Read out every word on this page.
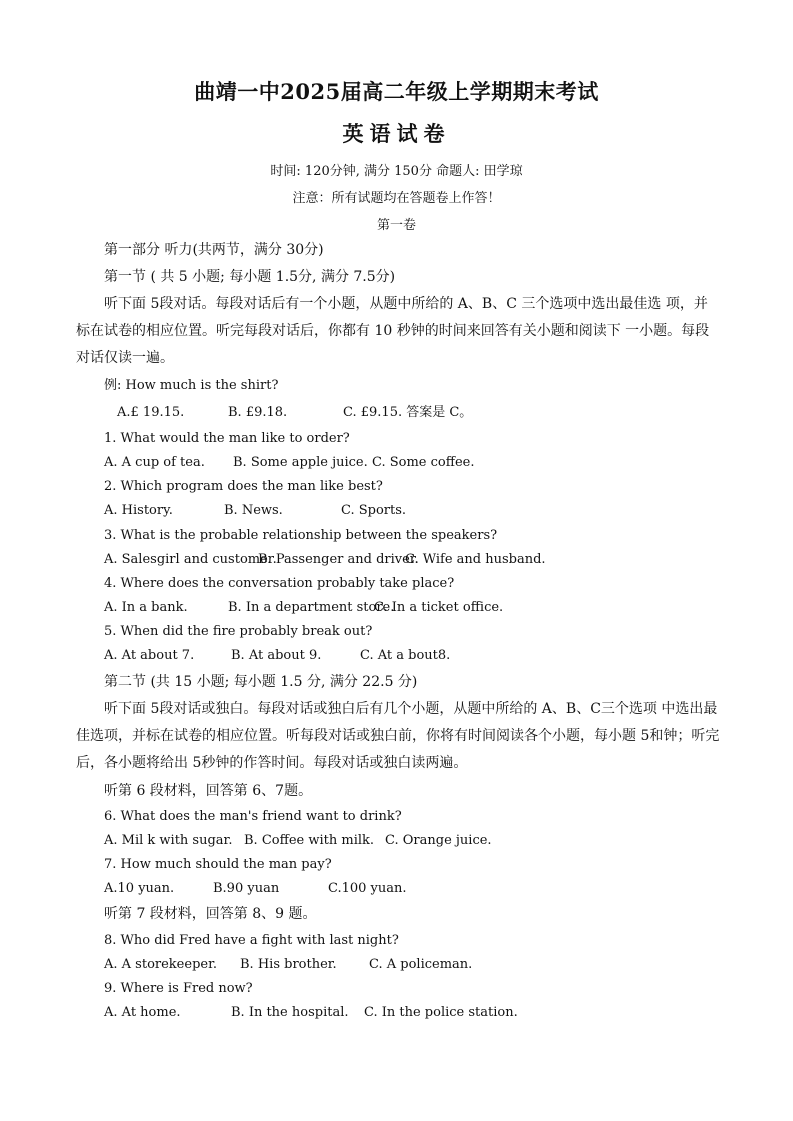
曲靖一中2025届高二年级上学期期末考试
英语试卷
时间: 120分钟, 满分 150分 命题人: 田学琼
注意：所有试题均在答题卷上作答！
第一卷
第一部分 听力(共两节，满分 30分)
第一节 ( 共 5 小题; 每小题 1.5分, 满分 7.5分)
听下面 5段对话。每段对话后有一个小题，从题中所给的 A、B、C 三个选项中选出最佳选 项，并标在试卷的相应位置。听完每段对话后，你都有 10 秒钟的时间来回答有关小题和阅读下 一小题。每段对话仅读一遍。
例: How much is the shirt?
A.£ 19.15.	B. £9.18.	C. £9.15. 答案是 C。
1. What would the man like to order?
A. A cup of tea. B. Some apple juice. C. Some coffee.
2. Which program does the man like best?
A. History.	B. News.	C. Sports.
3. What is the probable relationship between the speakers?
A. Salesgirl and customer.
B. Passenger and driver.
C. Wife and husband.
4. Where does the conversation probably take place?
A. In a bank.	B. In a department store.
C. In a ticket office.
5. When did the fire probably break out?
A. At about 7.	B. At about 9.	C. At a bout8.
第二节 (共 15 小题; 每小题 1.5 分, 满分 22.5 分)
听下面 5段对话或独白。每段对话或独白后有几个小题，从题中所给的 A、B、C三个选项 中选出最佳选项，并标在试卷的相应位置。听每段对话或独白前，你将有时间阅读各个小题，每小题 5和钟；听完后，各小题将给出 5秒钟的作答时间。每段对话或独白读两遍。
听第 6 段材料，回答第 6、7题。
6. What does the man's friend want to drink?
A. Mil k with sugar. B. Coffee with milk. C. Orange juice.
7. How much should the man pay?
A.10 yuan.	B.90 yuan	C.100 yuan.
听第 7 段材料，回答第 8、9 题。
8. Who did Fred have a fight with last night?
A. A storekeeper. B. His brother. C. A policeman.
9. Where is Fred now?
A. At home.	B. In the hospital. C. In the police station.
